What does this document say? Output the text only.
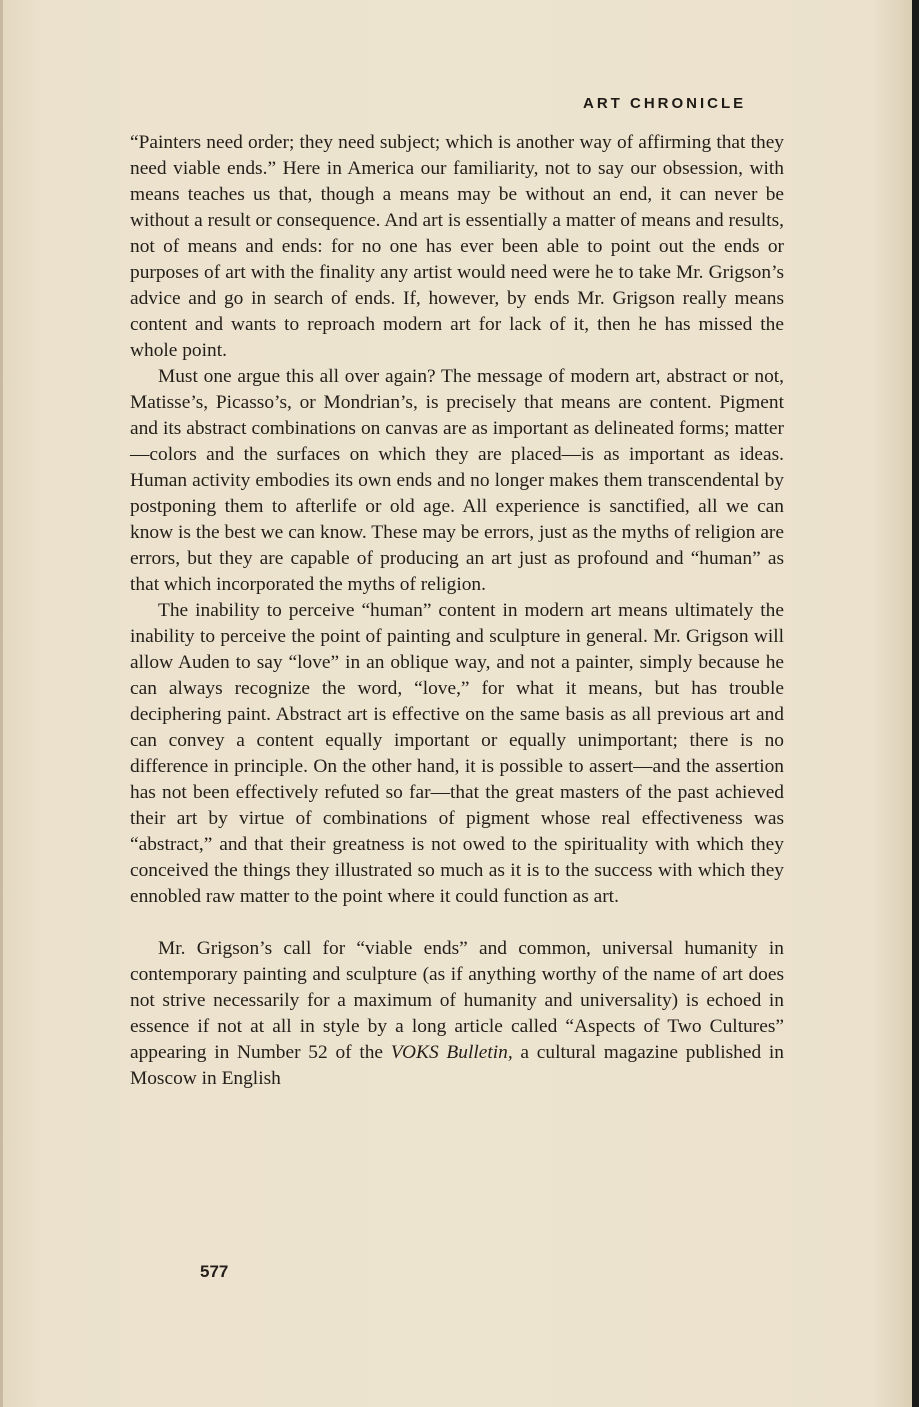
ART CHRONICLE

“Painters need order; they need subject; which is another way of affirming that they need viable ends.” Here in America our familiarity, not to say our obsession, with means teaches us that, though a means may be without an end, it can never be without a result or consequence. And art is essentially a matter of means and results, not of means and ends: for no one has ever been able to point out the ends or purposes of art with the finality any artist would need were he to take Mr. Grigson’s advice and go in search of ends. If, however, by ends Mr. Grigson really means content and wants to reproach modern art for lack of it, then he has missed the whole point.

Must one argue this all over again? The message of modern art, abstract or not, Matisse’s, Picasso’s, or Mondrian’s, is precisely that means are content. Pigment and its abstract combinations on canvas are as important as delineated forms; matter—colors and the surfaces on which they are placed—is as important as ideas. Human activity embodies its own ends and no longer makes them transcendental by postponing them to afterlife or old age. All experience is sanctified, all we can know is the best we can know. These may be errors, just as the myths of religion are errors, but they are capable of producing an art just as profound and “human” as that which incorporated the myths of religion.

The inability to perceive “human” content in modern art means ultimately the inability to perceive the point of painting and sculpture in general. Mr. Grigson will allow Auden to say “love” in an oblique way, and not a painter, simply because he can always recognize the word, “love,” for what it means, but has trouble deciphering paint. Abstract art is effective on the same basis as all previous art and can convey a content equally important or equally unimportant; there is no difference in principle. On the other hand, it is possible to assert—and the assertion has not been effectively refuted so far—that the great masters of the past achieved their art by virtue of combinations of pigment whose real effectiveness was “abstract,” and that their greatness is not owed to the spirituality with which they conceived the things they illustrated so much as it is to the success with which they ennobled raw matter to the point where it could function as art.

Mr. Grigson’s call for “viable ends” and common, universal humanity in contemporary painting and sculpture (as if anything worthy of the name of art does not strive necessarily for a maximum of humanity and universality) is echoed in essence if not at all in style by a long article called “Aspects of Two Cultures” appearing in Number 52 of the VOKS Bulletin, a cultural magazine published in Moscow in English

577
